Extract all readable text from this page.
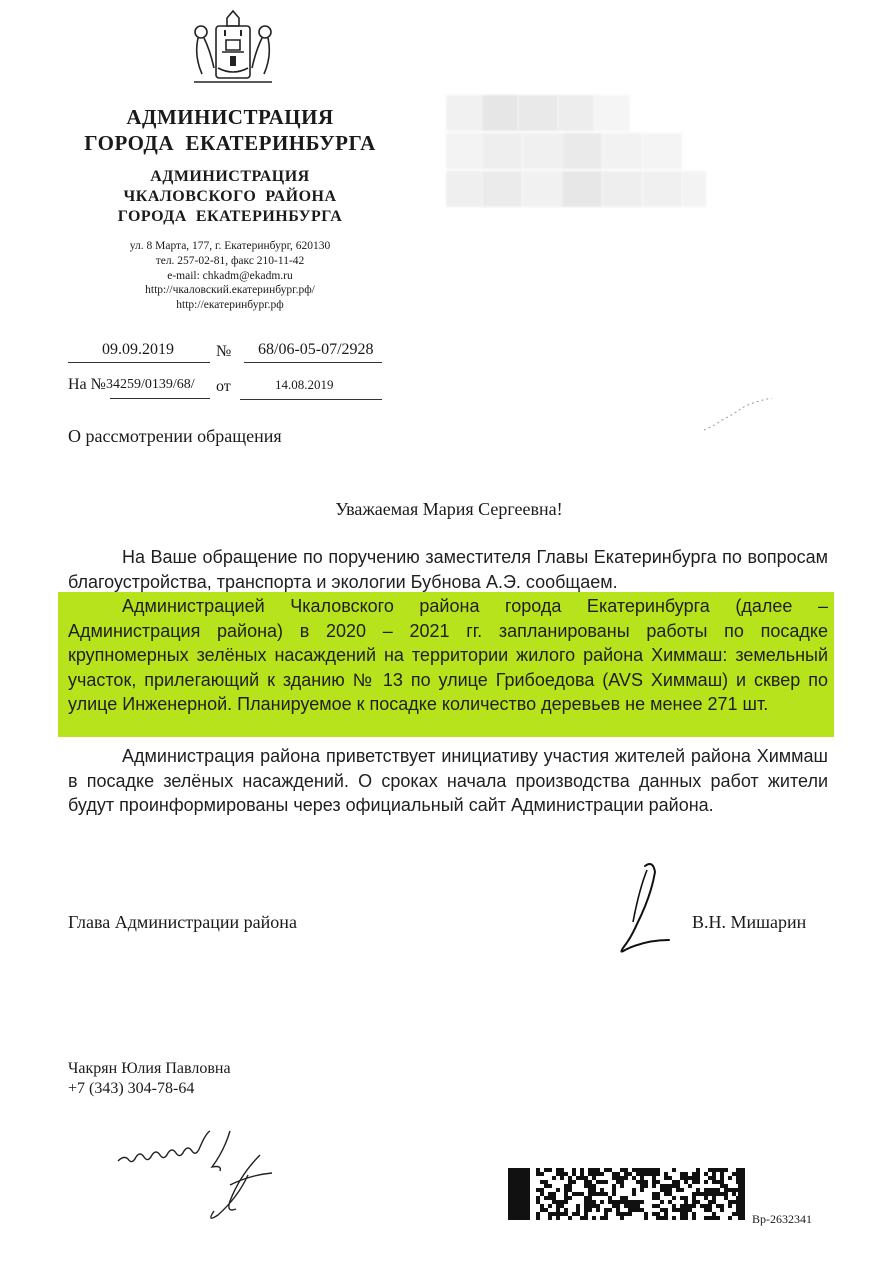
АДМИНИСТРАЦИЯ
ГОРОДА  ЕКАТЕРИНБУРГА
АДМИНИСТРАЦИЯ
ЧКАЛОВСКОГО  РАЙОНА
ГОРОДА  ЕКАТЕРИНБУРГА
ул. 8 Марта, 177, г. Екатеринбург, 620130
тел. 257-02-81, факс 210-11-42
e-mail: chkadm@ekadm.ru
http://чкаловский.екатеринбург.рф/
http://екатеринбург.рф
09.09.2019	№ 68/06-05-07/2928
На № 34259/0139/68/	от	14.08.2019
О рассмотрении обращения
Уважаемая Мария Сергеевна!

На Ваше обращение по поручению заместителя Главы Екатеринбурга по вопросам благоустройства, транспорта и экологии Бубнова А.Э. сообщаем.

Администрацией Чкаловского района города Екатеринбурга (далее – Администрация района) в 2020 – 2021 гг. запланированы работы по посадке крупномерных зелёных насаждений на территории жилого района Химмаш: земельный участок, прилегающий к зданию № 13 по улице Грибоедова (AVS Химмаш) и сквер по улице Инженерной. Планируемое к посадке количество деревьев не менее 271 шт.

Администрация района приветствует инициативу участия жителей района Химмаш в посадке зелёных насаждений. О сроках начала производства данных работ жители будут проинформированы через официальный сайт Администрации района.

Глава Администрации района	В.Н. Мишарин
Чакрян Юлия Павловна
+7 (343) 304-78-64
Вр-2632341
